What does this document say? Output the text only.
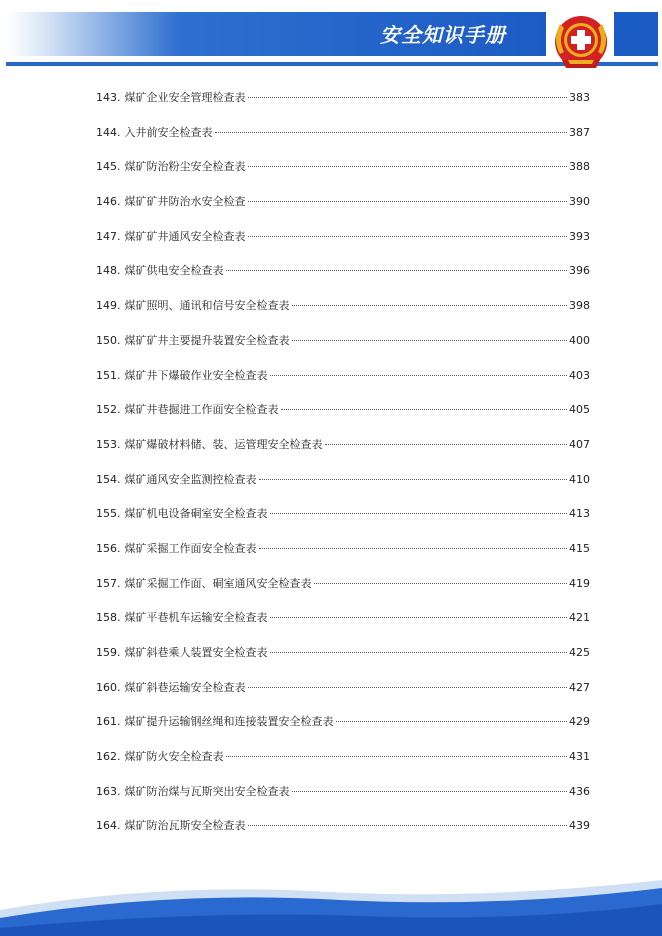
安全知识手册
143. 煤矿企业安全管理检查表	383
144. 入井前安全检查表	387
145. 煤矿防治粉尘安全检查表	388
146. 煤矿矿井防治水安全检查	390
147. 煤矿矿井通风安全检查表	393
148. 煤矿供电安全检查表	396
149. 煤矿照明、通讯和信号安全检查表	398
150. 煤矿矿井主要提升装置安全检查表	400
151. 煤矿井下爆破作业安全检查表	403
152. 煤矿井巷掘进工作面安全检查表	405
153. 煤矿爆破材料储、装、运管理安全检查表	407
154. 煤矿通风安全监测控检查表	410
155. 煤矿机电设备硐室安全检查表	413
156. 煤矿采掘工作面安全检查表	415
157. 煤矿采掘工作面、硐室通风安全检查表	419
158. 煤矿平巷机车运输安全检查表	421
159. 煤矿斜巷乘人装置安全检查表	425
160. 煤矿斜巷运输安全检查表	427
161. 煤矿提升运输钢丝绳和连接装置安全检查表	429
162. 煤矿防火安全检查表	431
163. 煤矿防治煤与瓦斯突出安全检查表	436
164. 煤矿防治瓦斯安全检查表	439
